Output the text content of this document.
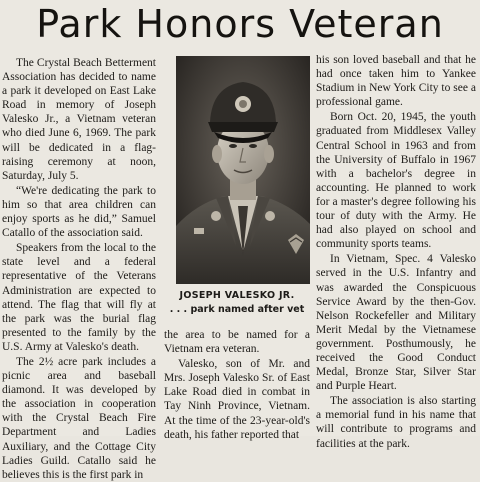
Park Honors Veteran

The Crystal Beach Betterment Association has decided to name a park it developed on East Lake Road in memory of Joseph Valesko Jr., a Vietnam veteran who died June 6, 1969. The park will be dedicated in a flag-raising ceremony at noon, Saturday, July 5.

“We're dedicating the park to him so that area children can enjoy sports as he did,” Samuel Catallo of the association said.

Speakers from the local to the state level and a federal representative of the Veterans Administration are expected to attend. The flag that will fly at the park was the burial flag presented to the family by the U.S. Army at Valesko's death.

The 2½ acre park includes a picnic area and baseball diamond. It was developed by the association in cooperation with the Crystal Beach Fire Department and Ladies Auxiliary, and the Cottage City Ladies Guild. Catallo said he believes this is the first park in

JOSEPH VALESKO JR.
. . . park named after vet

the area to be named for a Vietnam era veteran.

Valesko, son of Mr. and Mrs. Joseph Valesko Sr. of East Lake Road died in combat in Tay Ninh Province, Vietnam. At the time of the 23-year-old's death, his father reported that

his son loved baseball and that he had once taken him to Yankee Stadium in New York City to see a professional game.

Born Oct. 20, 1945, the youth graduated from Middlesex Valley Central School in 1963 and from the University of Buffalo in 1967 with a bachelor's degree in accounting. He planned to work for a master's degree following his tour of duty with the Army. He had also played on school and community sports teams.

In Vietnam, Spec. 4 Valesko served in the U.S. Infantry and was awarded the Conspicuous Service Award by the then-Gov. Nelson Rockefeller and Military Merit Medal by the Vietnamese government. Posthumously, he received the Good Conduct Medal, Bronze Star, Silver Star and Purple Heart.

The association is also starting a memorial fund in his name that will contribute to programs and facilities at the park.
